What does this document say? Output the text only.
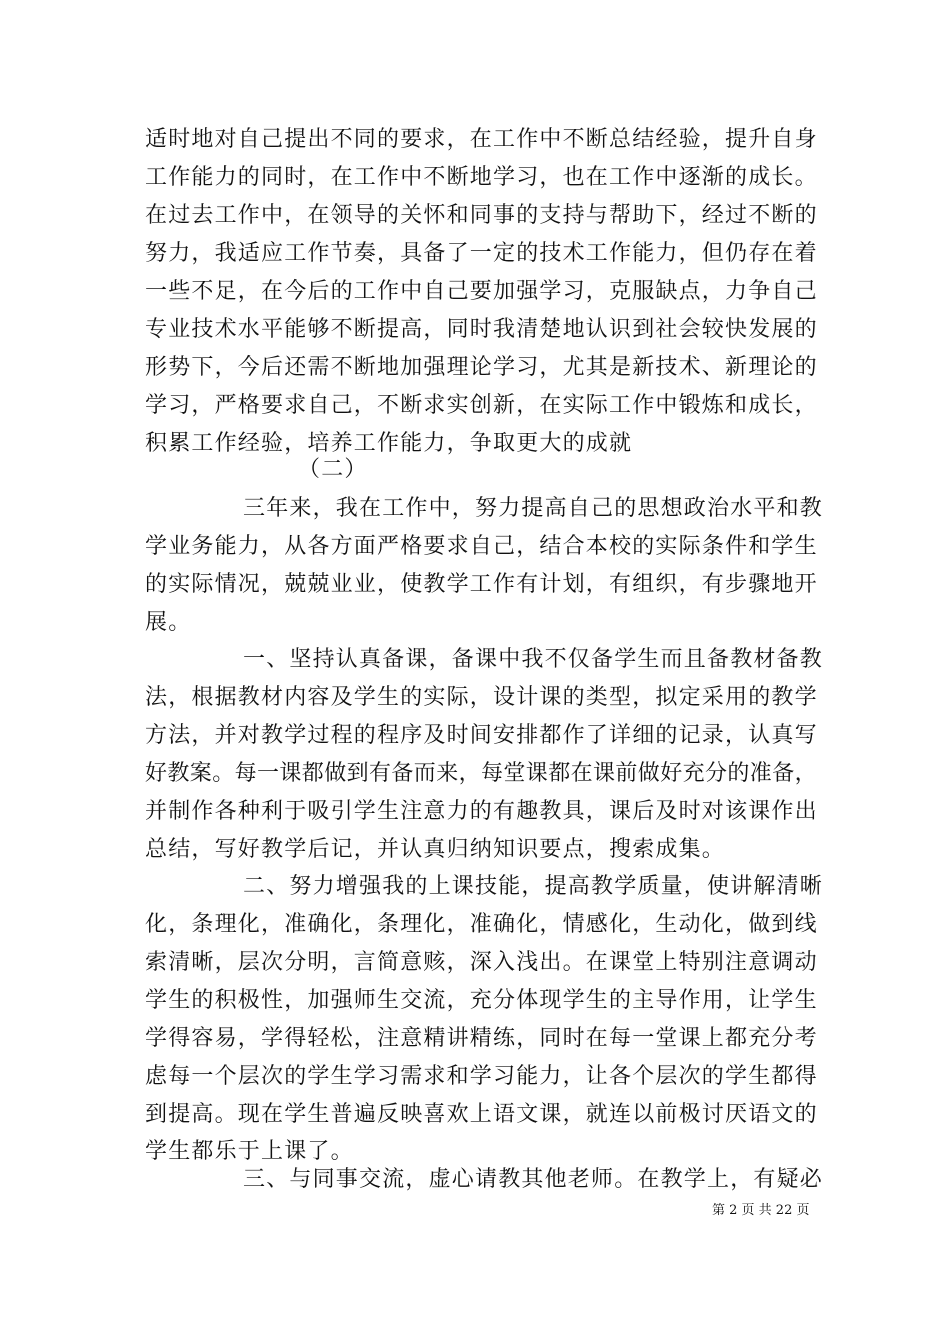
适时地对自己提出不同的要求，在工作中不断总结经验，提升自身
工作能力的同时，在工作中不断地学习，也在工作中逐渐的成长。
在过去工作中，在领导的关怀和同事的支持与帮助下，经过不断的
努力，我适应工作节奏，具备了一定的技术工作能力，但仍存在着
一些不足，在今后的工作中自己要加强学习，克服缺点，力争自己
专业技术水平能够不断提高，同时我清楚地认识到社会较快发展的
形势下，今后还需不断地加强理论学习，尤其是新技术、新理论的
学习，严格要求自己，不断求实创新，在实际工作中锻炼和成长，
积累工作经验，培养工作能力，争取更大的成就
（二）
三年来，我在工作中，努力提高自己的思想政治水平和教
学业务能力，从各方面严格要求自己，结合本校的实际条件和学生
的实际情况，兢兢业业，使教学工作有计划，有组织，有步骤地开
展。
一、坚持认真备课，备课中我不仅备学生而且备教材备教
法，根据教材内容及学生的实际，设计课的类型，拟定采用的教学
方法，并对教学过程的程序及时间安排都作了详细的记录，认真写
好教案。每一课都做到有备而来，每堂课都在课前做好充分的准备，
并制作各种利于吸引学生注意力的有趣教具，课后及时对该课作出
总结，写好教学后记，并认真归纳知识要点，搜索成集。
二、努力增强我的上课技能，提高教学质量，使讲解清晰
化，条理化，准确化，条理化，准确化，情感化，生动化，做到线
索清晰，层次分明，言简意赅，深入浅出。在课堂上特别注意调动
学生的积极性，加强师生交流，充分体现学生的主导作用，让学生
学得容易，学得轻松，注意精讲精练，同时在每一堂课上都充分考
虑每一个层次的学生学习需求和学习能力，让各个层次的学生都得
到提高。现在学生普遍反映喜欢上语文课，就连以前极讨厌语文的
学生都乐于上课了。
三、与同事交流，虚心请教其他老师。在教学上，有疑必
第 2 页 共 22 页
